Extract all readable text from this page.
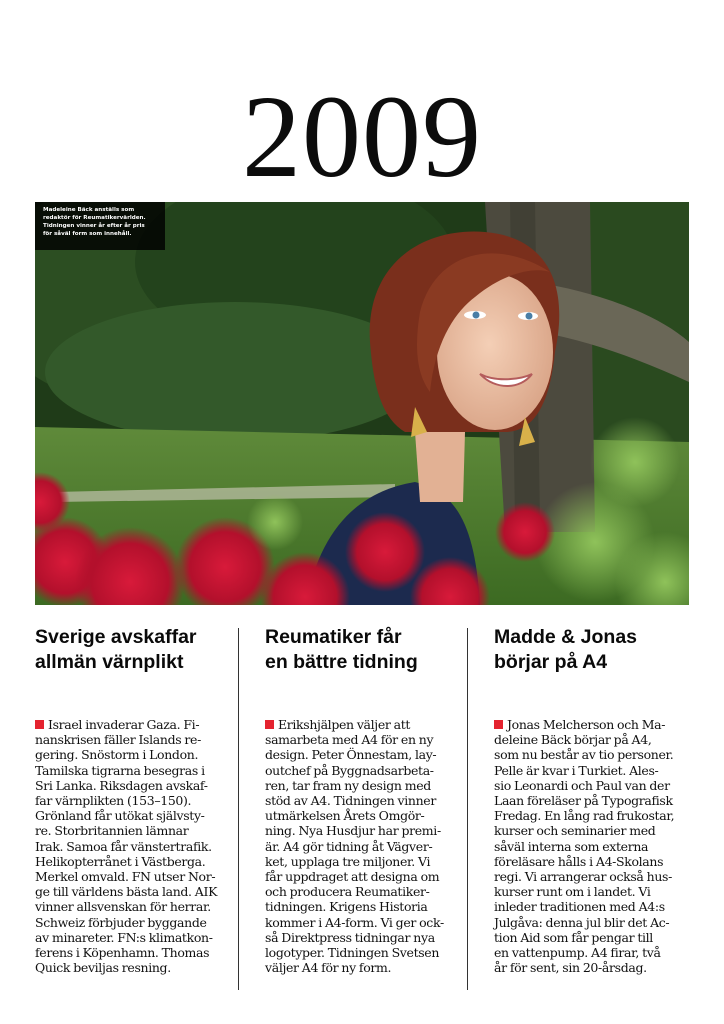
2009
Madeleine Bäck anställs som
redaktör för Reumatikervärlden.
Tidningen vinner år efter år pris
för såväl form som innehåll.
Sverige avskaffar
allmän värnplikt

Israel invaderar Gaza. Fi-
nanskrisen fäller Islands re-
gering. Snöstorm i London.
Tamilska tigrarna besegras i
Sri Lanka. Riksdagen avskaf-
far värnplikten (153–150).
Grönland får utökat självsty-
re. Storbritannien lämnar
Irak. Samoa får vänstertrafik.
Helikopterrånet i Västberga.
Merkel omvald. FN utser Nor-
ge till världens bästa land. AIK
vinner allsvenskan för herrar.
Schweiz förbjuder byggande
av minareter. FN:s klimatkon-
ferens i Köpenhamn. Thomas
Quick beviljas resning.

Reumatiker får
en bättre tidning

Erikshjälpen väljer att
samarbeta med A4 för en ny
design. Peter Önnestam, lay-
outchef på Byggnadsarbeta-
ren, tar fram ny design med
stöd av A4. Tidningen vinner
utmärkelsen Årets Omgör-
ning. Nya Husdjur har premi-
är. A4 gör tidning åt Vägver-
ket, upplaga tre miljoner. Vi
får uppdraget att designa om
och producera Reumatiker-
tidningen. Krigens Historia
kommer i A4-form. Vi ger ock-
så Direktpress tidningar nya
logotyper. Tidningen Svetsen
väljer A4 för ny form.

Madde & Jonas
börjar på A4

Jonas Melcherson och Ma-
deleine Bäck börjar på A4,
som nu består av tio personer.
Pelle är kvar i Turkiet. Ales-
sio Leonardi och Paul van der
Laan föreläser på Typografisk
Fredag. En lång rad frukostar,
kurser och seminarier med
såväl interna som externa
föreläsare hålls i A4-Skolans
regi. Vi arrangerar också hus-
kurser runt om i landet. Vi
inleder traditionen med A4:s
Julgåva: denna jul blir det Ac-
tion Aid som får pengar till
en vattenpump. A4 firar, två
år för sent, sin 20-årsdag.
